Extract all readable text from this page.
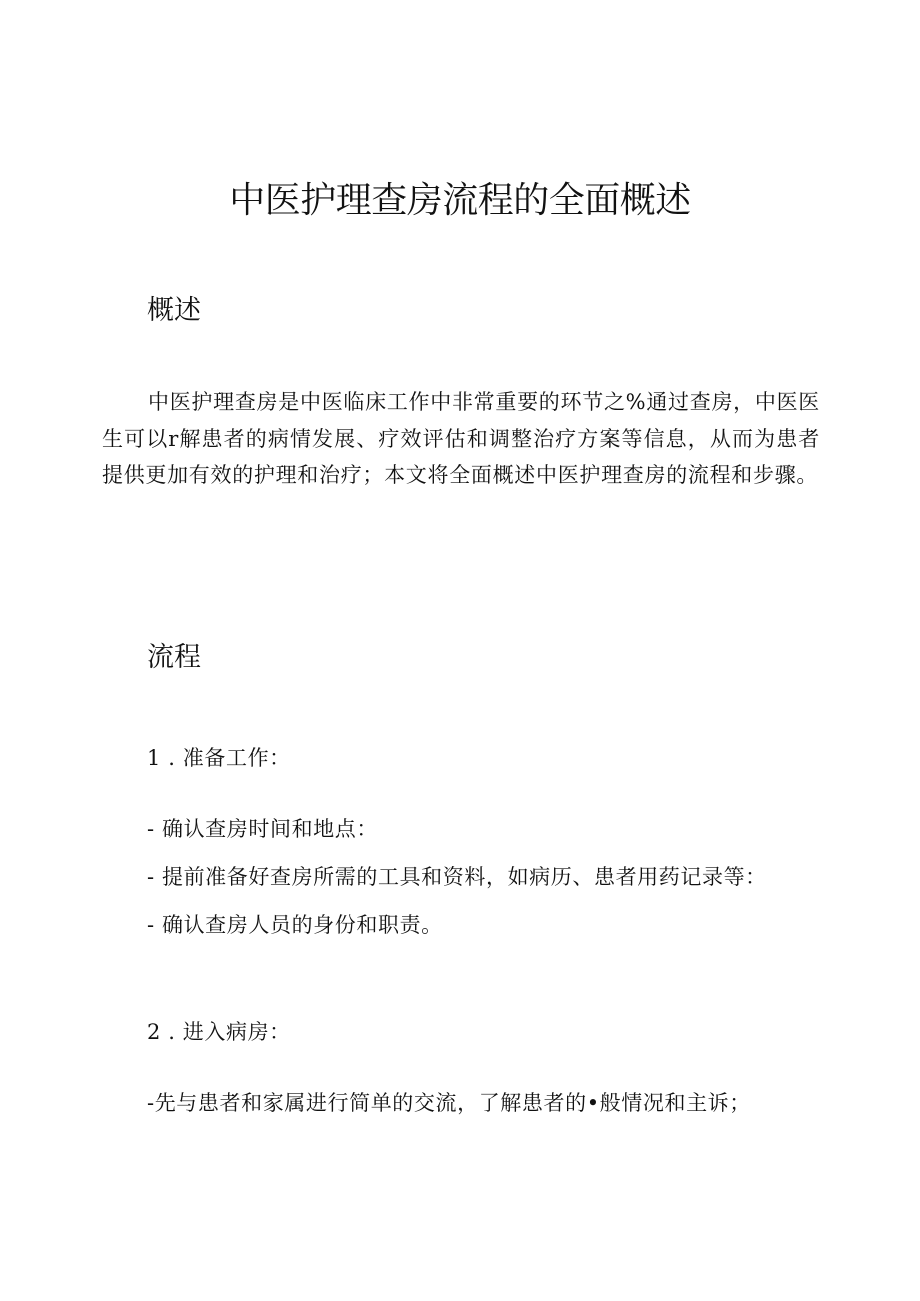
中医护理查房流程的全面概述
概述

中医护理查房是中医临床工作中非常重要的环节之%通过查房，中医医生可以r解患者的病情发展、疗效评估和调整治疗方案等信息，从而为患者提供更加有效的护理和治疗；本文将全面概述中医护理查房的流程和步骤。

流程

1 . 准备工作：

- 确认查房时间和地点：

- 提前准备好查房所需的工具和资料，如病历、患者用药记录等：

- 确认查房人员的身份和职责。

2 . 进入病房：

-先与患者和家属进行简单的交流，了解患者的•般情况和主诉；
